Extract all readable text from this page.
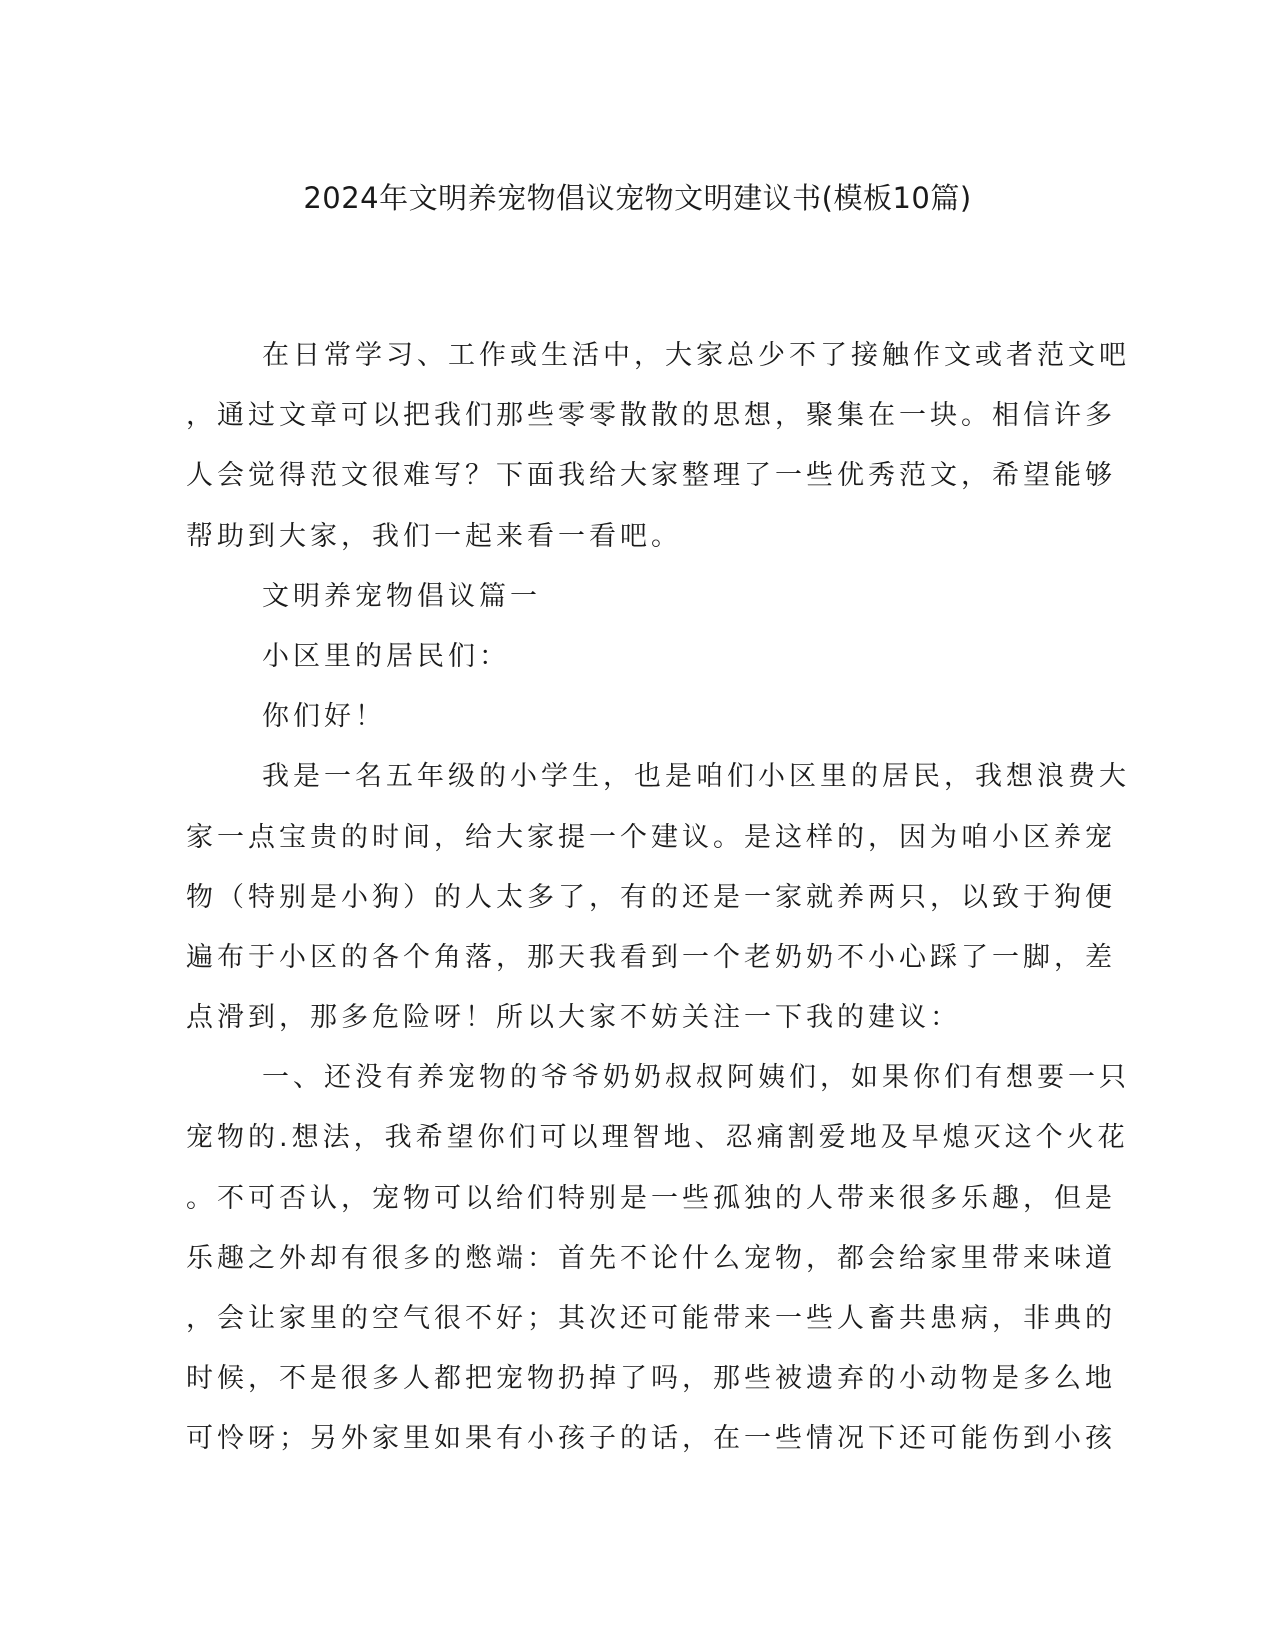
2024年文明养宠物倡议宠物文明建议书(模板10篇)

在日常学习、工作或生活中，大家总少不了接触作文或者范文吧

，通过文章可以把我们那些零零散散的思想，聚集在一块。相信许多

人会觉得范文很难写？下面我给大家整理了一些优秀范文，希望能够

帮助到大家，我们一起来看一看吧。

文明养宠物倡议篇一

小区里的居民们：

你们好！

我是一名五年级的小学生，也是咱们小区里的居民，我想浪费大

家一点宝贵的时间，给大家提一个建议。是这样的，因为咱小区养宠

物（特别是小狗）的人太多了，有的还是一家就养两只，以致于狗便

遍布于小区的各个角落，那天我看到一个老奶奶不小心踩了一脚，差

点滑到，那多危险呀！所以大家不妨关注一下我的建议：

一、还没有养宠物的爷爷奶奶叔叔阿姨们，如果你们有想要一只

宠物的.想法，我希望你们可以理智地、忍痛割爱地及早熄灭这个火花

。不可否认，宠物可以给们特别是一些孤独的人带来很多乐趣，但是

乐趣之外却有很多的憋端：首先不论什么宠物，都会给家里带来味道

，会让家里的空气很不好；其次还可能带来一些人畜共患病，非典的

时候，不是很多人都把宠物扔掉了吗，那些被遗弃的小动物是多么地

可怜呀；另外家里如果有小孩子的话，在一些情况下还可能伤到小孩
